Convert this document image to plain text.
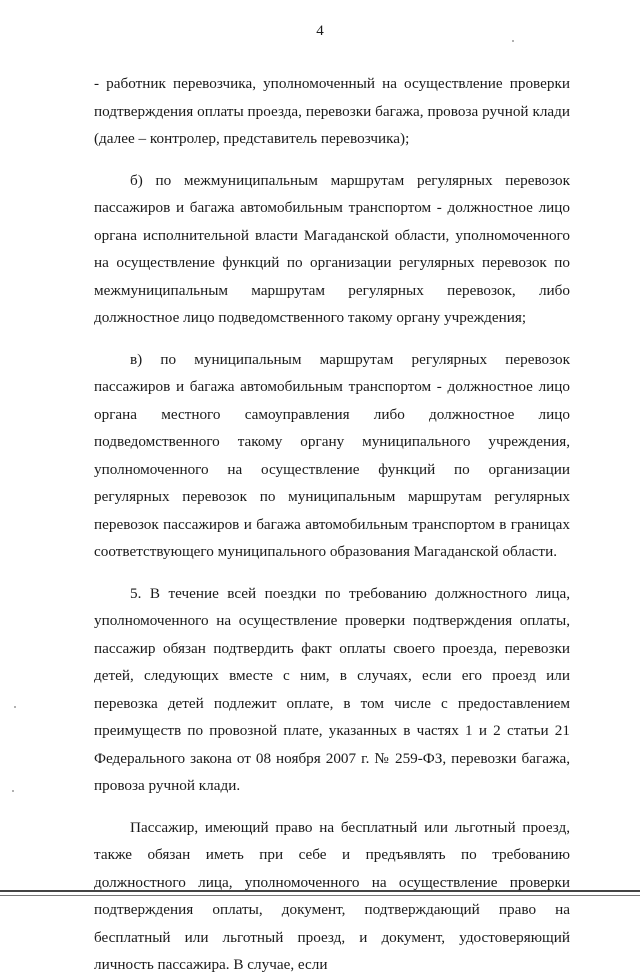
4

- работник перевозчика, уполномоченный на осуществление проверки подтверждения оплаты проезда, перевозки багажа, провоза ручной клади (далее – контролер, представитель перевозчика);

б) по межмуниципальным маршрутам регулярных перевозок пассажиров и багажа автомобильным транспортом - должностное лицо органа исполнительной власти Магаданской области, уполномоченного на осуществление функций по организации регулярных перевозок по межмуниципальным маршрутам регулярных перевозок, либо должностное лицо подведомственного такому органу учреждения;

в) по муниципальным маршрутам регулярных перевозок пассажиров и багажа автомобильным транспортом - должностное лицо органа местного самоуправления либо должностное лицо подведомственного такому органу муниципального учреждения, уполномоченного на осуществление функций по организации регулярных перевозок по муниципальным маршрутам регулярных перевозок пассажиров и багажа автомобильным транспортом в границах соответствующего муниципального образования Магаданской области.

5. В течение всей поездки по требованию должностного лица, уполномоченного на осуществление проверки подтверждения оплаты, пассажир обязан подтвердить факт оплаты своего проезда, перевозки детей, следующих вместе с ним, в случаях, если его проезд или перевозка детей подлежит оплате, в том числе с предоставлением преимуществ по провозной плате, указанных в частях 1 и 2 статьи 21 Федерального закона от 08 ноября 2007 г. № 259-ФЗ, перевозки багажа, провоза ручной клади.

Пассажир, имеющий право на бесплатный или льготный проезд, также обязан иметь при себе и предъявлять по требованию должностного лица, уполномоченного на осуществление проверки подтверждения оплаты, документ, подтверждающий право на бесплатный или льготный проезд, и документ, удостоверяющий личность пассажира. В случае, если
